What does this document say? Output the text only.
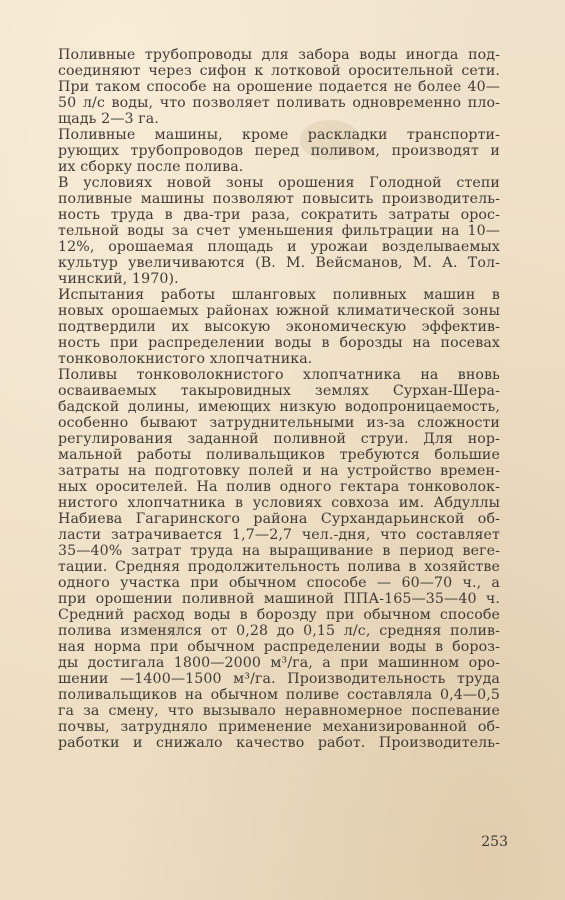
Поливные трубопроводы для забора воды иногда под-
соединяют через сифон к лотковой оросительной сети.
При таком способе на орошение подается не более 40—
50 л/с воды, что позволяет поливать одновременно пло-
щадь 2—3 га.
Поливные машины, кроме раскладки транспорти-
рующих трубопроводов перед поливом, производят и
их сборку после полива.
В условиях новой зоны орошения Голодной степи
поливные машины позволяют повысить производитель-
ность труда в два-три раза, сократить затраты орос-
тельной воды за счет уменьшения фильтрации на 10—
12%, орошаемая площадь и урожаи возделываемых
культур увеличиваются (В. М. Вейсманов, М. А. Тол-
чинский, 1970).
Испытания работы шланговых поливных машин в
новых орошаемых районах южной климатической зоны
подтвердили их высокую экономическую эффектив-
ность при распределении воды в борозды на посевах
тонковолокнистого хлопчатника.
Поливы тонковолокнистого хлопчатника на вновь
осваиваемых такыровидных землях Сурхан-Шера-
бадской долины, имеющих низкую водопроницаемость,
особенно бывают затруднительными из-за сложности
регулирования заданной поливной струи. Для нор-
мальной работы поливальщиков требуются большие
затраты на подготовку полей и на устройство времен-
ных оросителей. На полив одного гектара тонковолок-
нистого хлопчатника в условиях совхоза им. Абдуллы
Набиева Гагаринского района Сурхандарьинской об-
ласти затрачивается 1,7—2,7 чел.-дня, что составляет
35—40% затрат труда на выращивание в период веге-
тации. Средняя продолжительность полива в хозяйстве
одного участка при обычном способе — 60—70 ч., а
при орошении поливной машиной ППА-165—35—40 ч.
Средний расход воды в борозду при обычном способе
полива изменялся от 0,28 до 0,15 л/с, средняя полив-
ная норма при обычном распределении воды в бороз-
ды достигала 1800—2000 м³/га, а при машинном оро-
шении —1400—1500 м³/га. Производительность труда
поливальщиков на обычном поливе составляла 0,4—0,5
га за смену, что вызывало неравномерное поспевание
почвы, затрудняло применение механизированной об-
работки и снижало качество работ. Производитель-
253
